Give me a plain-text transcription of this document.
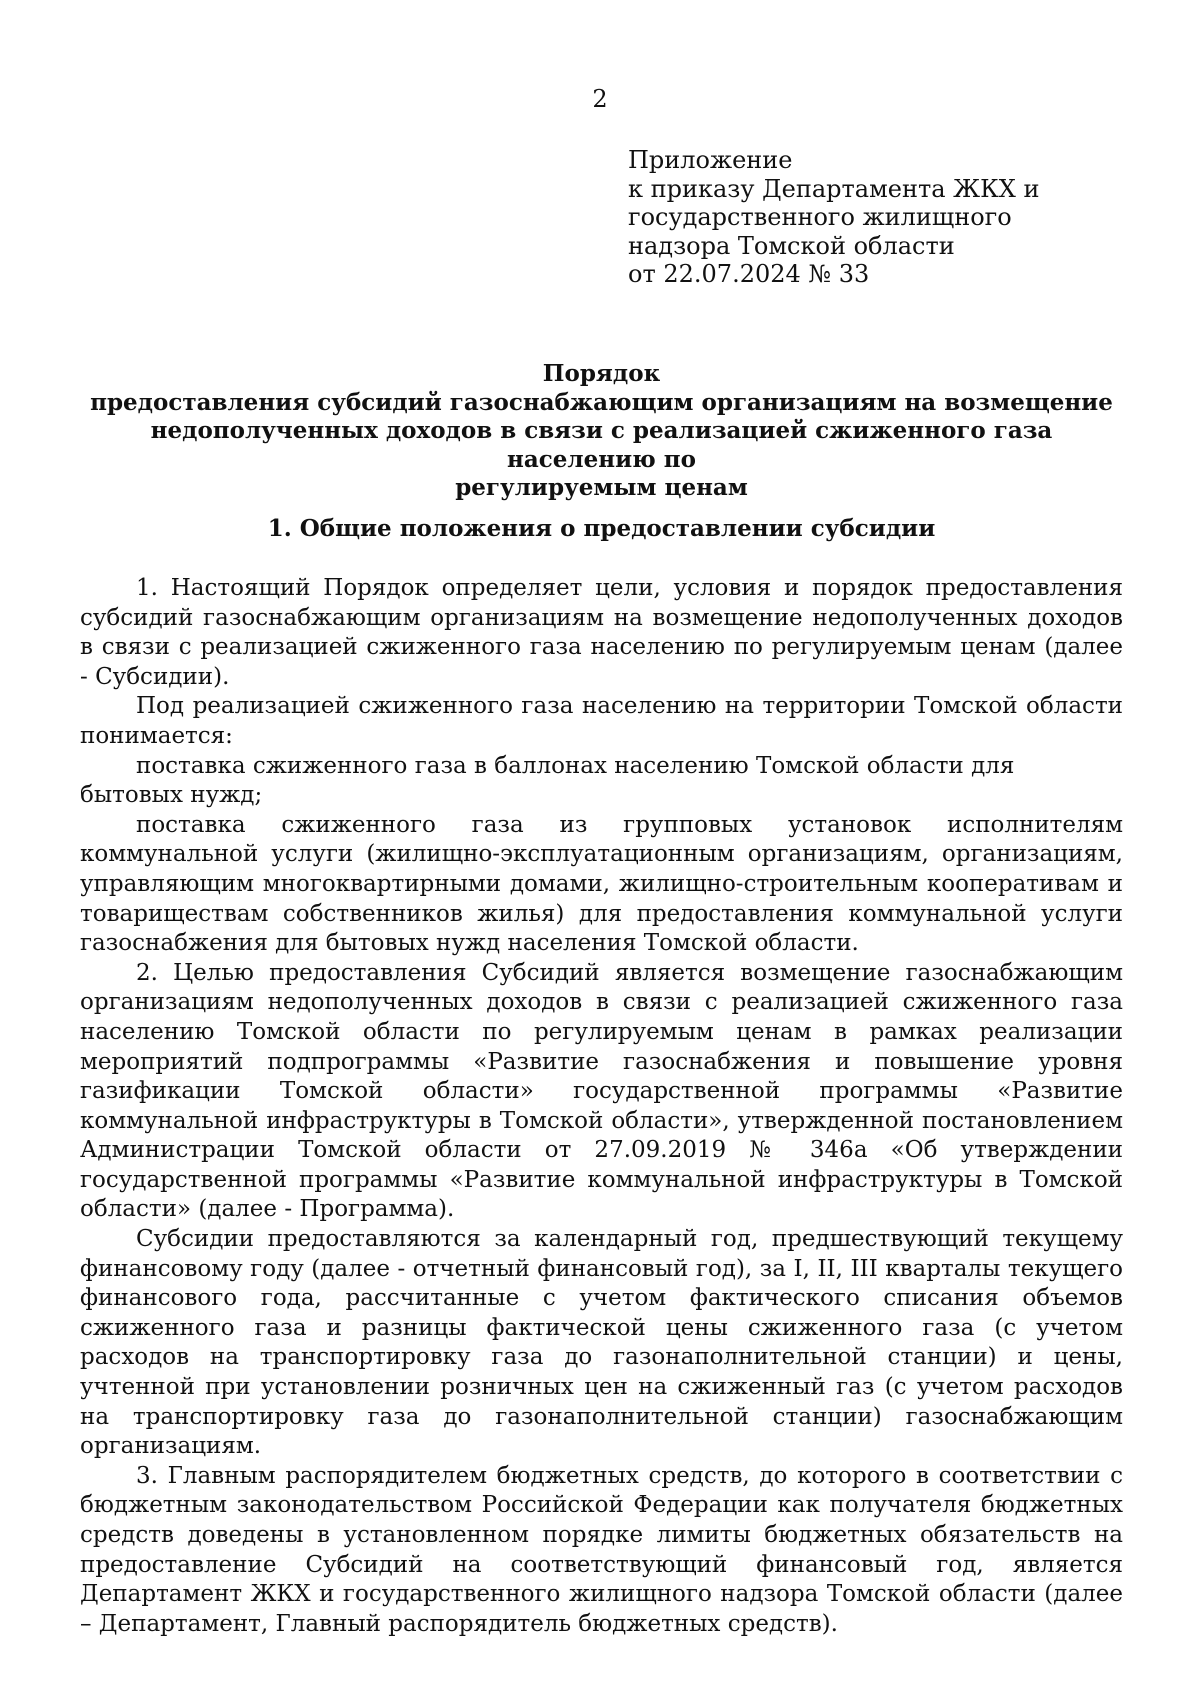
2
Приложение
к приказу Департамента ЖКХ и
государственного жилищного
надзора Томской области
от 22.07.2024 № 33
Порядок
предоставления субсидий газоснабжающим организациям на возмещение
недополученных доходов в связи с реализацией сжиженного газа населению по
регулируемым ценам
1. Общие положения о предоставлении субсидии

1. Настоящий Порядок определяет цели, условия и порядок предоставления субсидий газоснабжающим организациям на возмещение недополученных доходов в связи с реализацией сжиженного газа населению по регулируемым ценам (далее - Субсидии).

Под реализацией сжиженного газа населению на территории Томской области понимается:

поставка сжиженного газа в баллонах населению Томской области для бытовых нужд;

поставка сжиженного газа из групповых установок исполнителям коммунальной услуги (жилищно-эксплуатационным организациям, организациям, управляющим многоквартирными домами, жилищно-строительным кооперативам и товариществам собственников жилья) для предоставления коммунальной услуги газоснабжения для бытовых нужд населения Томской области.

2. Целью предоставления Субсидий является возмещение газоснабжающим организациям недополученных доходов в связи с реализацией сжиженного газа населению Томской области по регулируемым ценам в рамках реализации мероприятий подпрограммы «Развитие газоснабжения и повышение уровня газификации Томской области» государственной программы «Развитие коммунальной инфраструктуры в Томской области», утвержденной постановлением Администрации Томской области от 27.09.2019 № 346а «Об утверждении государственной программы «Развитие коммунальной инфраструктуры в Томской области» (далее - Программа).

Субсидии предоставляются за календарный год, предшествующий текущему финансовому году (далее - отчетный финансовый год), за I, II, III кварталы текущего финансового года, рассчитанные с учетом фактического списания объемов сжиженного газа и разницы фактической цены сжиженного газа (с учетом расходов на транспортировку газа до газонаполнительной станции) и цены, учтенной при установлении розничных цен на сжиженный газ (с учетом расходов на транспортировку газа до газонаполнительной станции) газоснабжающим организациям.

3. Главным распорядителем бюджетных средств, до которого в соответствии с бюджетным законодательством Российской Федерации как получателя бюджетных средств доведены в установленном порядке лимиты бюджетных обязательств на предоставление Субсидий на соответствующий финансовый год, является Департамент ЖКХ и государственного жилищного надзора Томской области (далее – Департамент, Главный распорядитель бюджетных средств).
